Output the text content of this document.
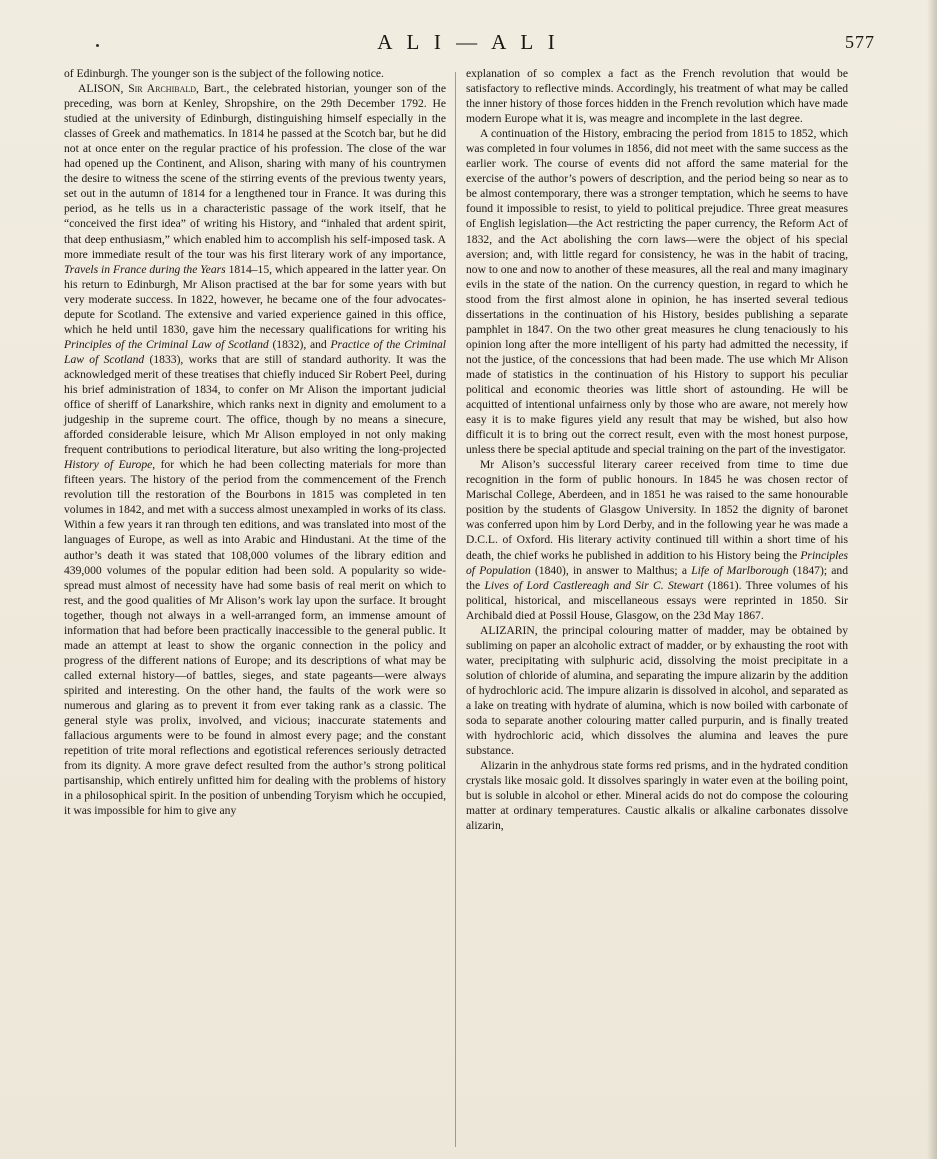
A L I — A L I	577

of Edinburgh. The younger son is the subject of the following notice.

ALISON, Sir Archibald, Bart., the celebrated historian, younger son of the preceding, was born at Kenley, Shropshire, on the 29th December 1792. He studied at the university of Edinburgh, distinguishing himself especially in the classes of Greek and mathematics. In 1814 he passed at the Scotch bar, but he did not at once enter on the regular practice of his profession. The close of the war had opened up the Continent, and Alison, sharing with many of his countrymen the desire to witness the scene of the stirring events of the previous twenty years, set out in the autumn of 1814 for a lengthened tour in France. It was during this period, as he tells us in a characteristic passage of the work itself, that he “conceived the first idea” of writing his History, and “inhaled that ardent spirit, that deep enthusiasm,” which enabled him to accomplish his self-imposed task. A more immediate result of the tour was his first literary work of any importance, Travels in France during the Years 1814–15, which appeared in the latter year. On his return to Edinburgh, Mr Alison practised at the bar for some years with but very moderate success. In 1822, however, he became one of the four advocates-depute for Scotland. The extensive and varied experience gained in this office, which he held until 1830, gave him the necessary qualifications for writing his Principles of the Criminal Law of Scotland (1832), and Practice of the Criminal Law of Scotland (1833), works that are still of standard authority. It was the acknowledged merit of these treatises that chiefly induced Sir Robert Peel, during his brief administration of 1834, to confer on Mr Alison the important judicial office of sheriff of Lanarkshire, which ranks next in dignity and emolument to a judgeship in the supreme court. The office, though by no means a sinecure, afforded considerable leisure, which Mr Alison employed in not only making frequent contributions to periodical literature, but also writing the long-projected History of Europe, for which he had been collecting materials for more than fifteen years. The history of the period from the commencement of the French revolution till the restoration of the Bourbons in 1815 was completed in ten volumes in 1842, and met with a success almost unexampled in works of its class. Within a few years it ran through ten editions, and was translated into most of the languages of Europe, as well as into Arabic and Hindustani. At the time of the author’s death it was stated that 108,000 volumes of the library edition and 439,000 volumes of the popular edition had been sold. A popularity so wide-spread must almost of necessity have had some basis of real merit on which to rest, and the good qualities of Mr Alison’s work lay upon the surface. It brought together, though not always in a well-arranged form, an immense amount of information that had before been practically inaccessible to the general public. It made an attempt at least to show the organic connection in the policy and progress of the different nations of Europe; and its descriptions of what may be called external history—of battles, sieges, and state pageants—were always spirited and interesting. On the other hand, the faults of the work were so numerous and glaring as to prevent it from ever taking rank as a classic. The general style was prolix, involved, and vicious; inaccurate statements and fallacious arguments were to be found in almost every page; and the constant repetition of trite moral reflections and egotistical references seriously detracted from its dignity. A more grave defect resulted from the author’s strong political partisanship, which entirely unfitted him for dealing with the problems of history in a philosophical spirit. In the position of unbending Toryism which he occupied, it was impossible for him to give any

explanation of so complex a fact as the French revolution that would be satisfactory to reflective minds. Accordingly, his treatment of what may be called the inner history of those forces hidden in the French revolution which have made modern Europe what it is, was meagre and incomplete in the last degree.

A continuation of the History, embracing the period from 1815 to 1852, which was completed in four volumes in 1856, did not meet with the same success as the earlier work. The course of events did not afford the same material for the exercise of the author’s powers of description, and the period being so near as to be almost contemporary, there was a stronger temptation, which he seems to have found it impossible to resist, to yield to political prejudice. Three great measures of English legislation—the Act restricting the paper currency, the Reform Act of 1832, and the Act abolishing the corn laws—were the object of his special aversion; and, with little regard for consistency, he was in the habit of tracing, now to one and now to another of these measures, all the real and many imaginary evils in the state of the nation. On the currency question, in regard to which he stood from the first almost alone in opinion, he has inserted several tedious dissertations in the continuation of his History, besides publishing a separate pamphlet in 1847. On the two other great measures he clung tenaciously to his opinion long after the more intelligent of his party had admitted the necessity, if not the justice, of the concessions that had been made. The use which Mr Alison made of statistics in the continuation of his History to support his peculiar political and economic theories was little short of astounding. He will be acquitted of intentional unfairness only by those who are aware, not merely how easy it is to make figures yield any result that may be wished, but also how difficult it is to bring out the correct result, even with the most honest purpose, unless there be special aptitude and special training on the part of the investigator.

Mr Alison’s successful literary career received from time to time due recognition in the form of public honours. In 1845 he was chosen rector of Marischal College, Aberdeen, and in 1851 he was raised to the same honourable position by the students of Glasgow University. In 1852 the dignity of baronet was conferred upon him by Lord Derby, and in the following year he was made a D.C.L. of Oxford. His literary activity continued till within a short time of his death, the chief works he published in addition to his History being the Principles of Population (1840), in answer to Malthus; a Life of Marlborough (1847); and the Lives of Lord Castlereagh and Sir C. Stewart (1861). Three volumes of his political, historical, and miscellaneous essays were reprinted in 1850. Sir Archibald died at Possil House, Glasgow, on the 23d May 1867.

ALIZARIN, the principal colouring matter of madder, may be obtained by subliming on paper an alcoholic extract of madder, or by exhausting the root with water, precipitating with sulphuric acid, dissolving the moist precipitate in a solution of chloride of alumina, and separating the impure alizarin by the addition of hydrochloric acid. The impure alizarin is dissolved in alcohol, and separated as a lake on treating with hydrate of alumina, which is now boiled with carbonate of soda to separate another colouring matter called purpurin, and is finally treated with hydrochloric acid, which dissolves the alumina and leaves the pure substance.

Alizarin in the anhydrous state forms red prisms, and in the hydrated condition crystals like mosaic gold. It dissolves sparingly in water even at the boiling point, but is soluble in alcohol or ether. Mineral acids do not do compose the colouring matter at ordinary temperatures. Caustic alkalis or alkaline carbonates dissolve alizarin,
